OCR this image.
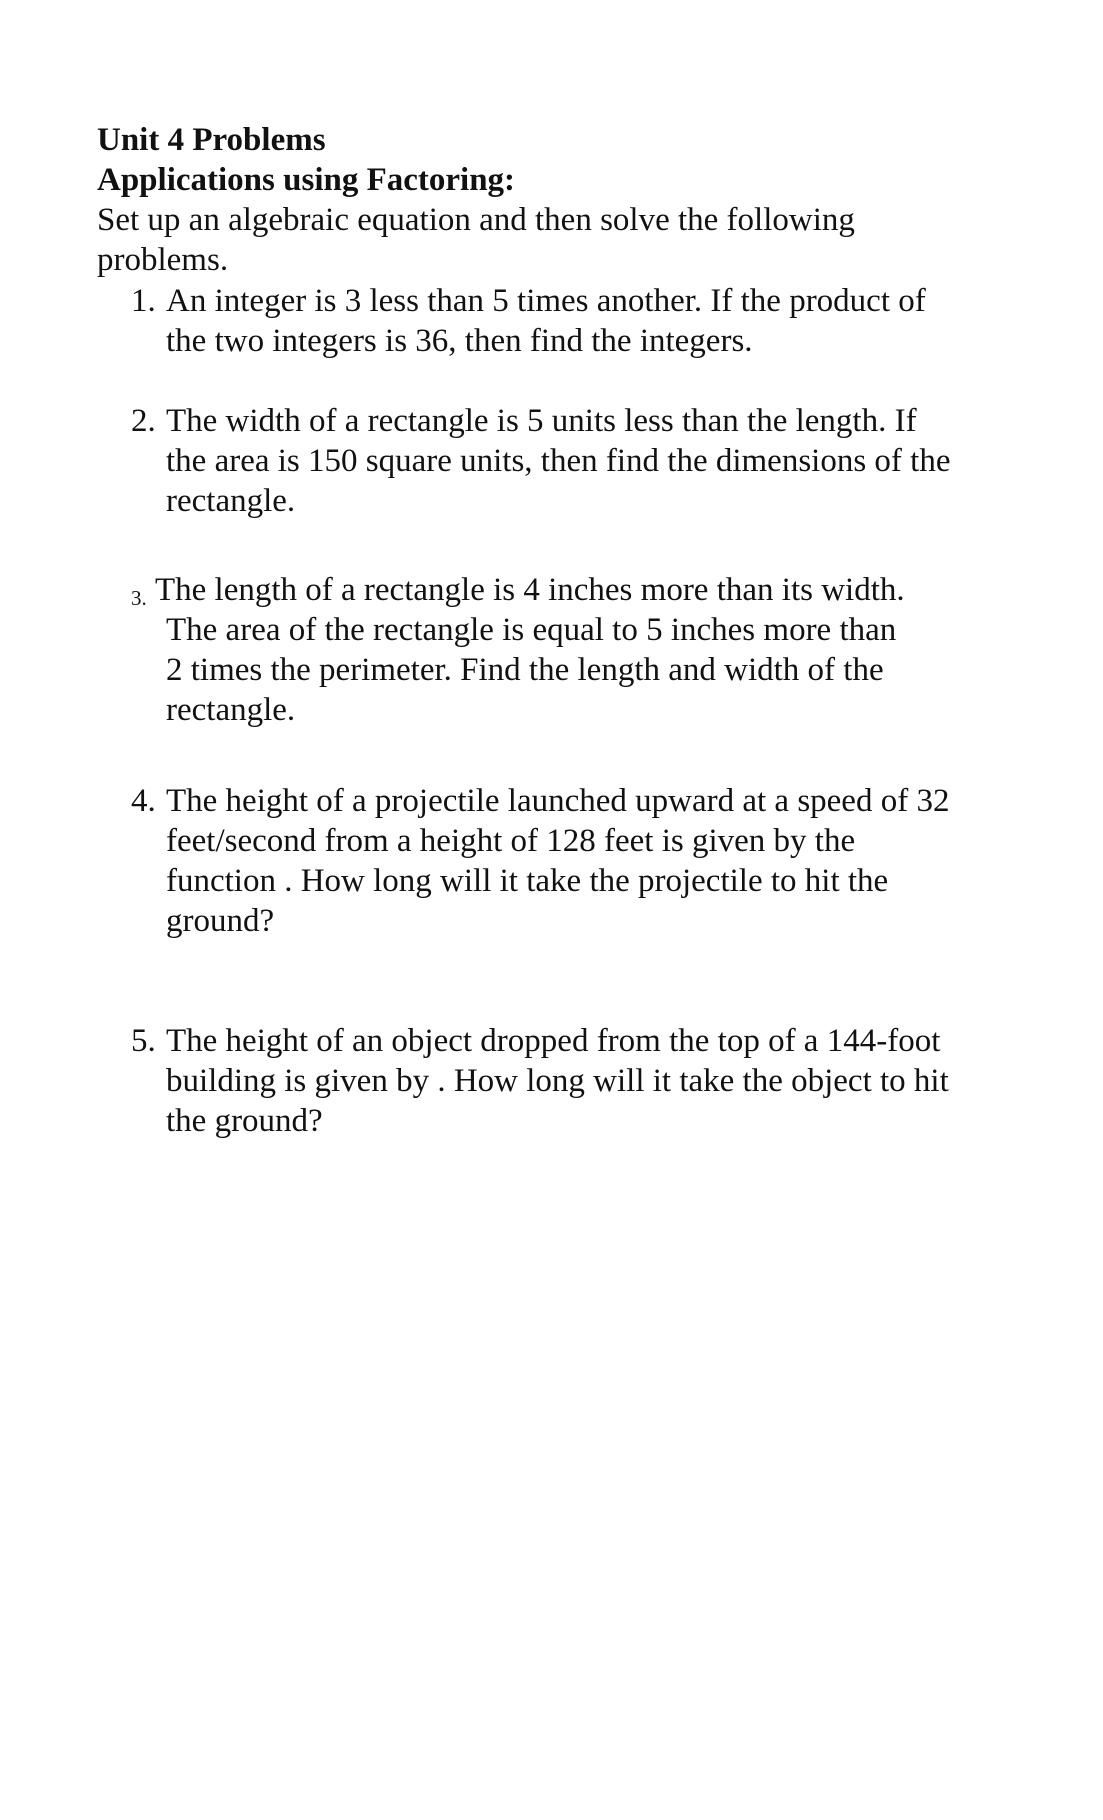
Unit 4 Problems
Applications using Factoring:
Set up an algebraic equation and then solve the following
problems.
1. An integer is 3 less than 5 times another. If the product of
the two integers is 36, then find the integers.
2. The width of a rectangle is 5 units less than the length. If
the area is 150 square units, then find the dimensions of the
rectangle.
3. The length of a rectangle is 4 inches more than its width.
The area of the rectangle is equal to 5 inches more than
2 times the perimeter. Find the length and width of the
rectangle.
4. The height of a projectile launched upward at a speed of 32
feet/second from a height of 128 feet is given by the
function . How long will it take the projectile to hit the
ground?
5. The height of an object dropped from the top of a 144-foot
building is given by . How long will it take the object to hit
the ground?
